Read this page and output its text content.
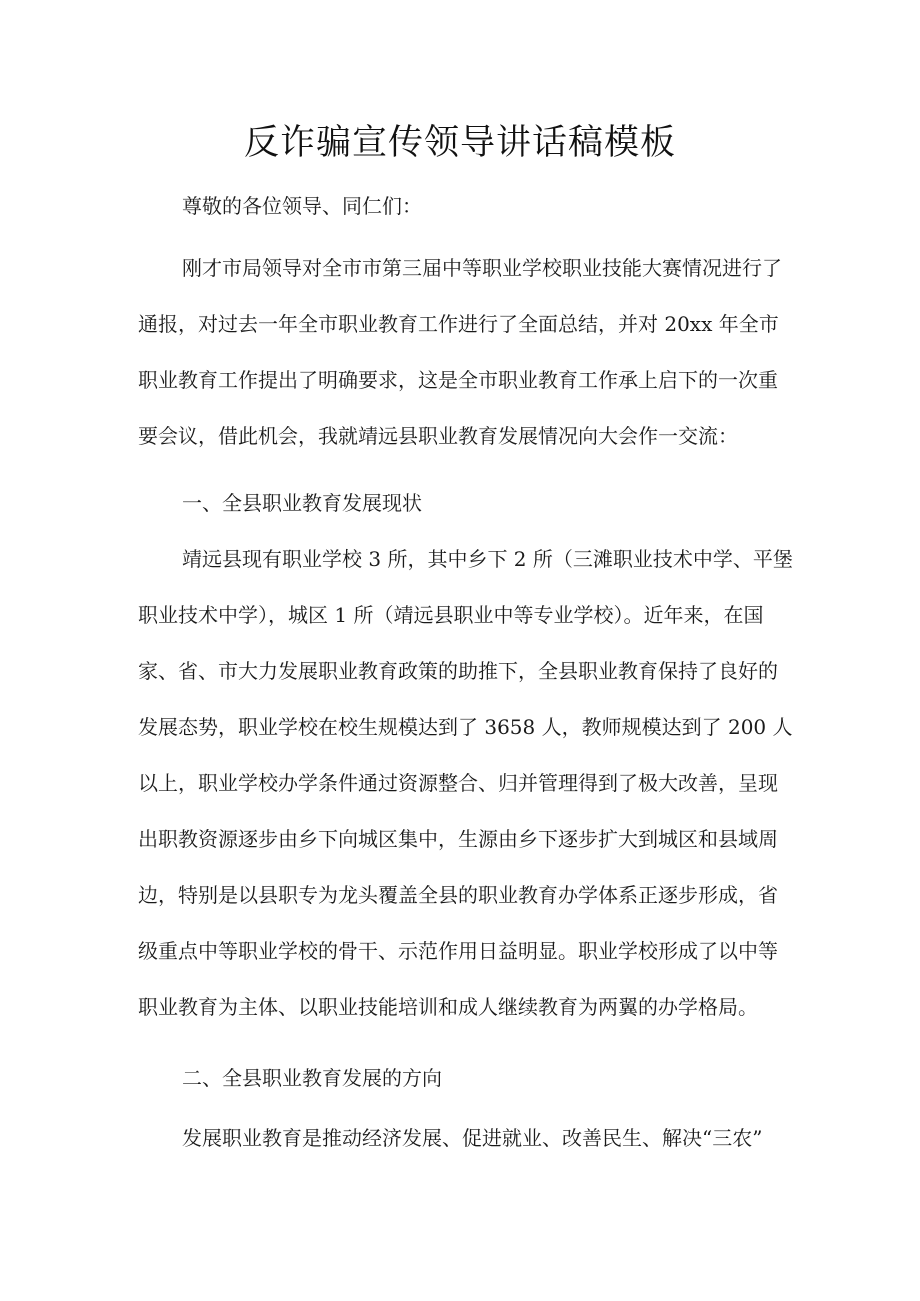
反诈骗宣传领导讲话稿模板
尊敬的各位领导、同仁们：
刚才市局领导对全市市第三届中等职业学校职业技能大赛情况进行了
通报，对过去一年全市职业教育工作进行了全面总结，并对 20xx 年全市
职业教育工作提出了明确要求，这是全市职业教育工作承上启下的一次重
要会议，借此机会，我就靖远县职业教育发展情况向大会作一交流：
一、全县职业教育发展现状
靖远县现有职业学校 3 所，其中乡下 2 所（三滩职业技术中学、平堡
职业技术中学），城区 1 所（靖远县职业中等专业学校）。近年来，在国
家、省、市大力发展职业教育政策的助推下，全县职业教育保持了良好的
发展态势，职业学校在校生规模达到了 3658 人，教师规模达到了 200 人
以上，职业学校办学条件通过资源整合、归并管理得到了极大改善，呈现
出职教资源逐步由乡下向城区集中，生源由乡下逐步扩大到城区和县域周
边，特别是以县职专为龙头覆盖全县的职业教育办学体系正逐步形成，省
级重点中等职业学校的骨干、示范作用日益明显。职业学校形成了以中等
职业教育为主体、以职业技能培训和成人继续教育为两翼的办学格局。
二、全县职业教育发展的方向
发展职业教育是推动经济发展、促进就业、改善民生、解决“三农”
